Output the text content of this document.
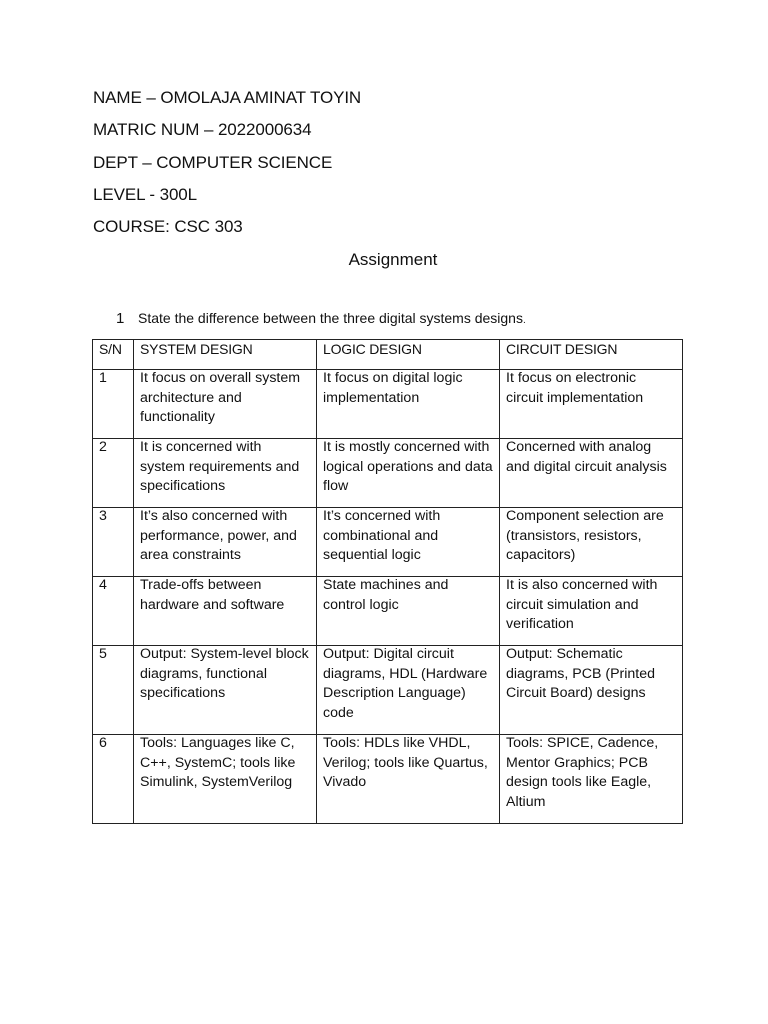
NAME – OMOLAJA AMINAT TOYIN
MATRIC NUM – 2022000634
DEPT – COMPUTER SCIENCE
LEVEL - 300L
COURSE: CSC 303
Assignment
1 State the difference between the three digital systems designs.
S/N	SYSTEM DESIGN	LOGIC DESIGN	CIRCUIT DESIGN

1	It focus on overall system architecture and functionality	It focus on digital logic implementation	It focus on electronic circuit implementation

2	It is concerned with system requirements and specifications	It is mostly concerned with logical operations and data flow	Concerned with analog and digital circuit analysis

3	It’s also concerned with performance, power, and area constraints	It’s concerned with combinational and sequential logic	Component selection are (transistors, resistors, capacitors)

4	Trade-offs between hardware and software	State machines and control logic	It is also concerned with circuit simulation and verification

5	Output: System-level block diagrams, functional specifications	Output: Digital circuit diagrams, HDL (Hardware Description Language) code	Output: Schematic diagrams, PCB (Printed Circuit Board) designs

6	Tools: Languages like C, C++, SystemC; tools like Simulink, SystemVerilog	Tools: HDLs like VHDL, Verilog; tools like Quartus, Vivado	Tools: SPICE, Cadence, Mentor Graphics; PCB design tools like Eagle, Altium
